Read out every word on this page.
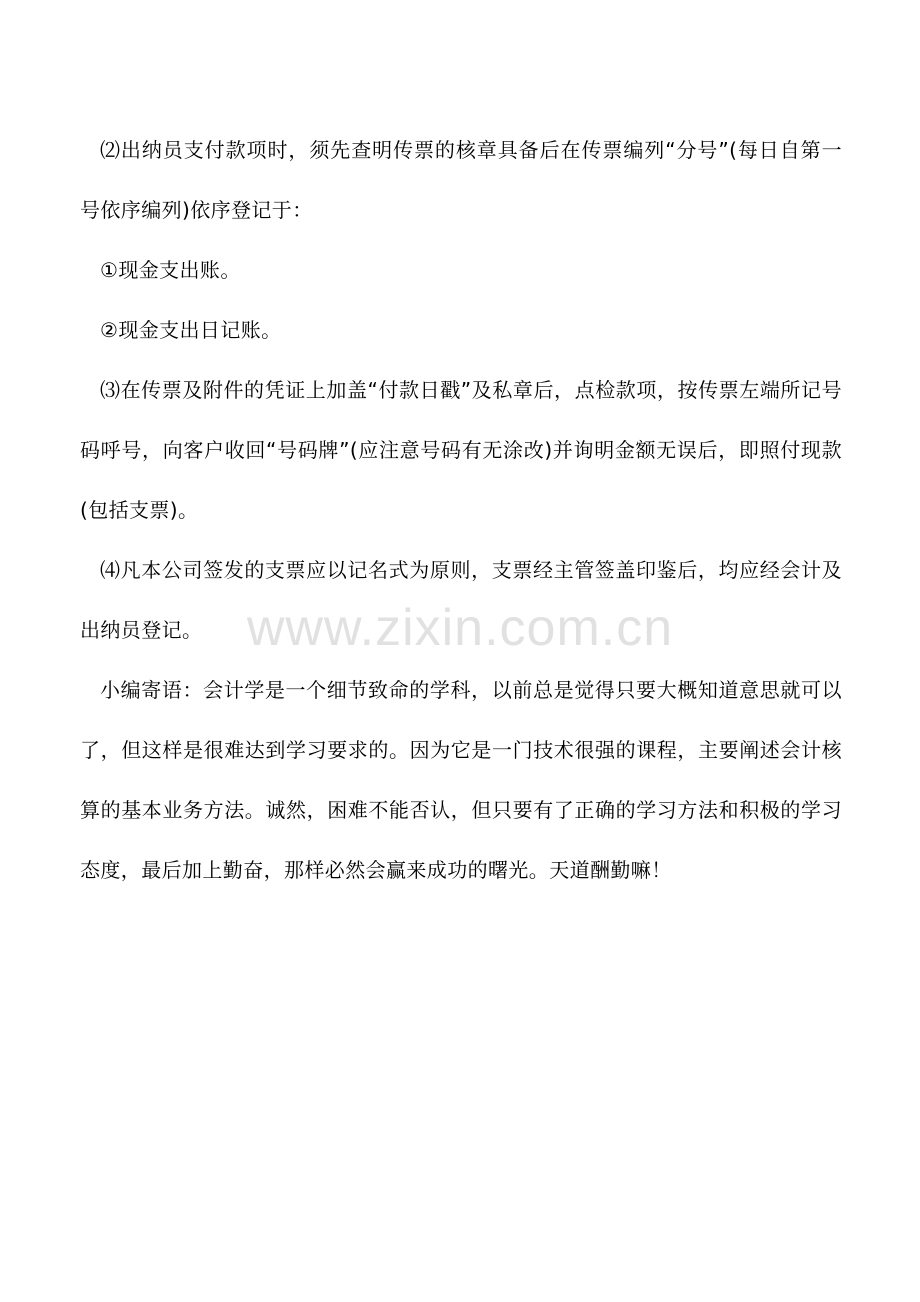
⑵出纳员支付款项时，须先查明传票的核章具备后在传票编列“分号”(每日自第一号依序编列)依序登记于：

①现金支出账。

②现金支出日记账。

⑶在传票及附件的凭证上加盖“付款日戳”及私章后，点检款项，按传票左端所记号码呼号，向客户收回“号码牌”(应注意号码有无涂改)并询明金额无误后，即照付现款(包括支票)。

⑷凡本公司签发的支票应以记名式为原则，支票经主管签盖印鉴后，均应经会计及出纳员登记。

小编寄语：会计学是一个细节致命的学科，以前总是觉得只要大概知道意思就可以了，但这样是很难达到学习要求的。因为它是一门技术很强的课程，主要阐述会计核算的基本业务方法。诚然，困难不能否认，但只要有了正确的学习方法和积极的学习态度，最后加上勤奋，那样必然会赢来成功的曙光。天道酬勤嘛！

www.zixin.com.cn
